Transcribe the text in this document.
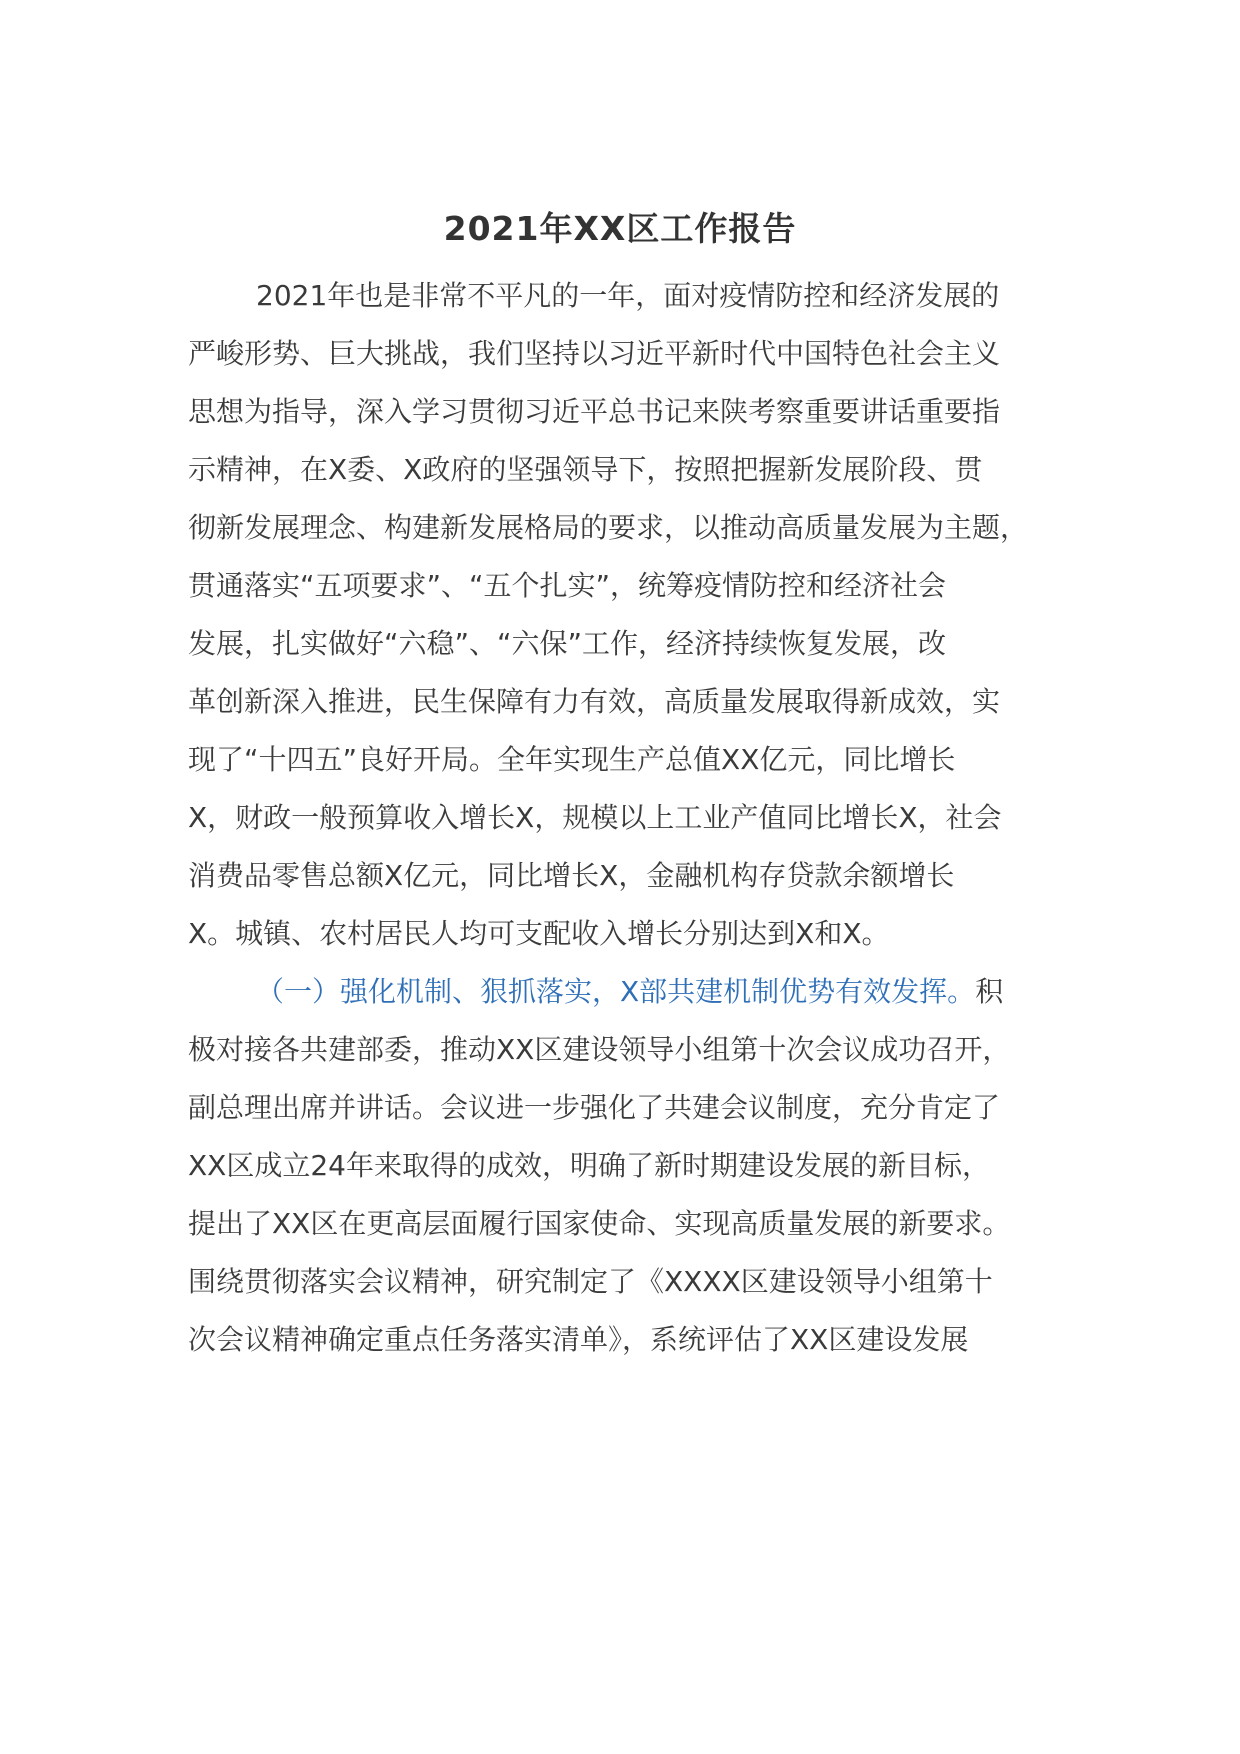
2021年XX区工作报告
2021年也是非常不平凡的一年，面对疫情防控和经济发展的
严峻形势、巨大挑战，我们坚持以习近平新时代中国特色社会主义
思想为指导，深入学习贯彻习近平总书记来陕考察重要讲话重要指
示精神，在X委、X政府的坚强领导下，按照把握新发展阶段、贯
彻新发展理念、构建新发展格局的要求，以推动高质量发展为主题，
贯通落实“五项要求”、“五个扎实”，统筹疫情防控和经济社会
发展，扎实做好“六稳”、“六保”工作，经济持续恢复发展，改
革创新深入推进，民生保障有力有效，高质量发展取得新成效，实
现了“十四五”良好开局。全年实现生产总值XX亿元，同比增长
X，财政一般预算收入增长X，规模以上工业产值同比增长X，社会
消费品零售总额X亿元，同比增长X，金融机构存贷款余额增长
X。城镇、农村居民人均可支配收入增长分别达到X和X。
（一）强化机制、狠抓落实，X部共建机制优势有效发挥。积
极对接各共建部委，推动XX区建设领导小组第十次会议成功召开，
副总理出席并讲话。会议进一步强化了共建会议制度，充分肯定了
XX区成立24年来取得的成效，明确了新时期建设发展的新目标，
提出了XX区在更高层面履行国家使命、实现高质量发展的新要求。
围绕贯彻落实会议精神，研究制定了《XXXX区建设领导小组第十
次会议精神确定重点任务落实清单》，系统评估了XX区建设发展
